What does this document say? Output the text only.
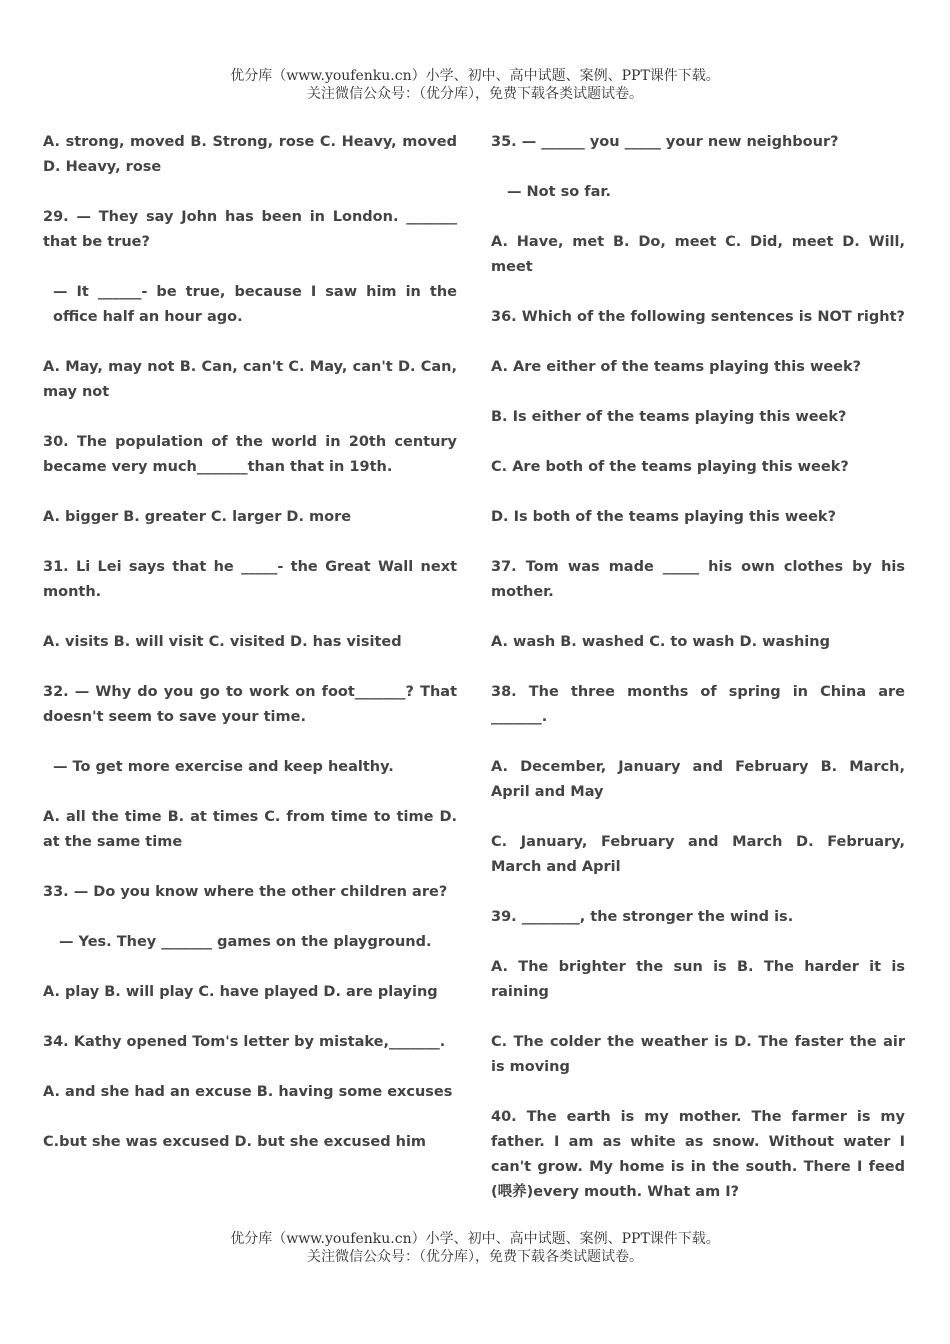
优分库（www.youfenku.cn）小学、初中、高中试题、案例、PPT课件下载。
关注微信公众号：（优分库），免费下载各类试题试卷。

A. strong, moved B. Strong, rose C. Heavy, moved D. Heavy, rose

29. — They say John has been in London. _______ that be true?

— It ______- be true, because I saw him in the office half an hour ago.

A. May, may not B. Can, can't C. May, can't D. Can, may not

30. The population of the world in 20th century became very much_______than that in 19th.

A. bigger B. greater C. larger D. more

31. Li Lei says that he _____- the Great Wall next month.

A. visits B. will visit C. visited D. has visited

32. — Why do you go to work on foot_______? That doesn't seem to save your time.

— To get more exercise and keep healthy.

A. all the time B. at times C. from time to time D. at the same time

33. — Do you know where the other children are?

— Yes. They _______ games on the playground.

A. play B. will play C. have played D. are playing

34. Kathy opened Tom's letter by mistake,_______.

A. and she had an excuse B. having some excuses

C.but she was excused D. but she excused him

35. — ______ you _____ your new neighbour?

— Not so far.

A. Have, met B. Do, meet C. Did, meet D. Will, meet

36. Which of the following sentences is NOT right?

A. Are either of the teams playing this week?

B. Is either of the teams playing this week?

C. Are both of the teams playing this week?

D. Is both of the teams playing this week?

37. Tom was made _____ his own clothes by his mother.

A. wash B. washed C. to wash D. washing

38. The three months of spring in China are _______.

A. December, January and February B. March, April and May

C. January, February and March D. February, March and April

39. ________, the stronger the wind is.

A. The brighter the sun is B. The harder it is raining

C. The colder the weather is D. The faster the air is moving

40. The earth is my mother. The farmer is my father. I am as white as snow. Without water I can't grow. My home is in the south. There I feed (喂养)every mouth. What am I?

优分库（www.youfenku.cn）小学、初中、高中试题、案例、PPT课件下载。
关注微信公众号：（优分库），免费下载各类试题试卷。
